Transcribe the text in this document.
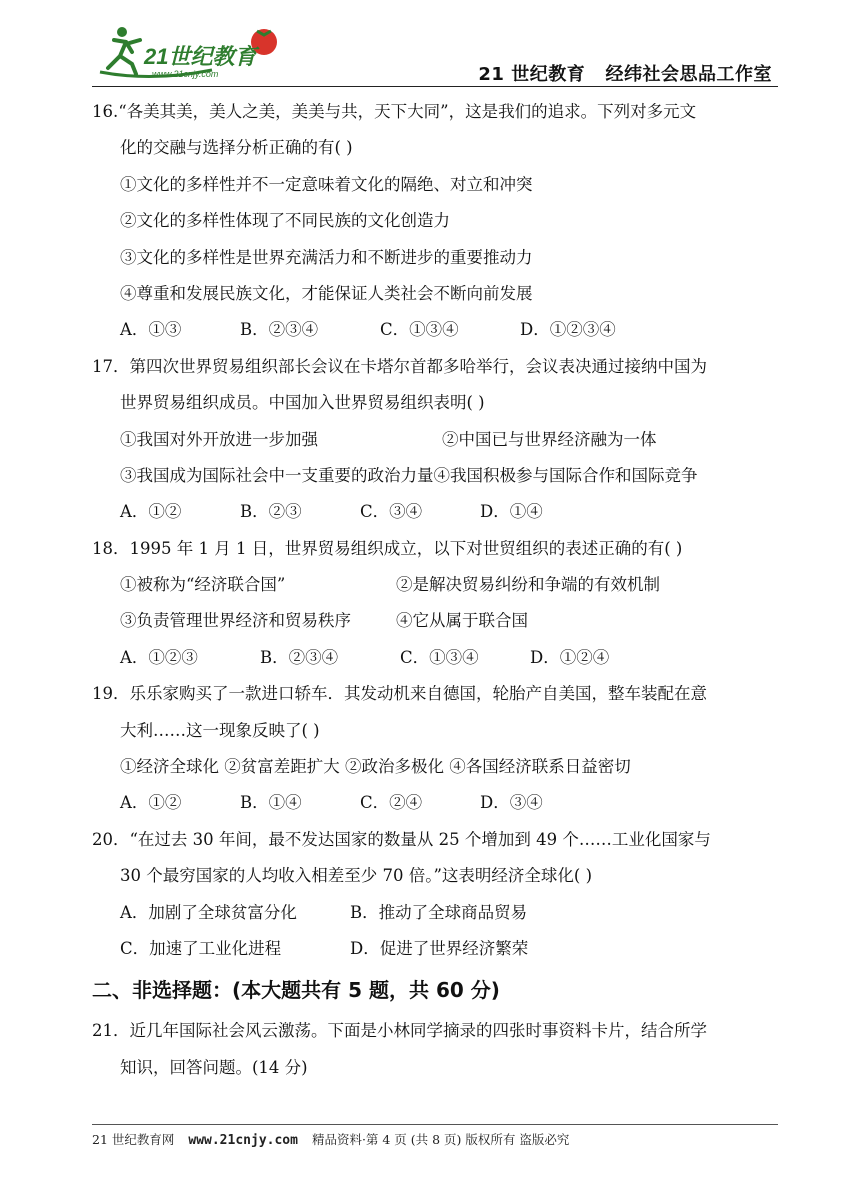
21世纪教育
www.21cnjy.com	21 世纪教育   经纬社会思品工作室
16.“各美其美，美人之美，美美与共，天下大同”，这是我们的追求。下列对多元文
化的交融与选择分析正确的有( )
①文化的多样性并不一定意味着文化的隔绝、对立和冲突
②文化的多样性体现了不同民族的文化创造力
③文化的多样性是世界充满活力和不断进步的重要推动力
④尊重和发展民族文化，才能保证人类社会不断向前发展
A．①③	B．②③④	C．①③④	D．①②③④
17．第四次世界贸易组织部长会议在卡塔尔首都多哈举行，会议表决通过接纳中国为
世界贸易组织成员。中国加入世界贸易组织表明( )
①我国对外开放进一步加强	②中国已与世界经济融为一体
③我国成为国际社会中一支重要的政治力量④我国积极参与国际合作和国际竞争
A．①②	B．②③	C．③④	D．①④
18．1995 年 1 月 1 日，世界贸易组织成立，以下对世贸组织的表述正确的有( )
①被称为“经济联合国”	②是解决贸易纠纷和争端的有效机制
③负责管理世界经济和贸易秩序	④它从属于联合国
A．①②③	B．②③④	C．①③④	D．①②④
19．乐乐家购买了一款进口轿车．其发动机来自德国，轮胎产自美国，整车装配在意
大利……这一现象反映了( )
①经济全球化 ②贫富差距扩大 ②政治多极化 ④各国经济联系日益密切
A．①②	B．①④	C．②④	D．③④
20．“在过去 30 年间，最不发达国家的数量从 25 个增加到 49 个……工业化国家与
30 个最穷国家的人均收入相差至少 70 倍。”这表明经济全球化( )
A．加剧了全球贫富分化	B．推动了全球商品贸易
C．加速了工业化进程	D．促进了世界经济繁荣
二、非选择题：(本大题共有 5 题，共 60 分)
21．近几年国际社会风云激荡。下面是小林同学摘录的四张时事资料卡片，结合所学
知识，回答问题。(14 分)
21 世纪教育网 www.21cnjy.com 精品资料·第 4 页 (共 8 页) 版权所有 盗版必究
